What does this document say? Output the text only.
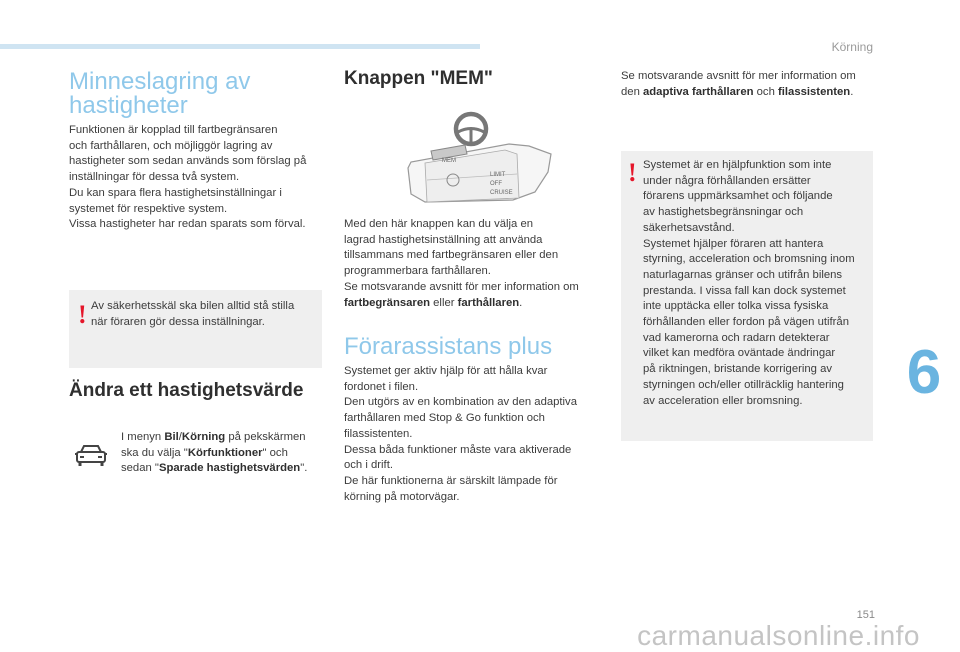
Körning
Minneslagring av
hastigheter

Funktionen är kopplad till fartbegränsaren
och farthållaren, och möjliggör lagring av
hastigheter som sedan används som förslag på
inställningar för dessa två system.
Du kan spara flera hastighetsinställningar i
systemet för respektive system.
Vissa hastigheter har redan sparats som förval.

! Av säkerhetsskäl ska bilen alltid stå stilla
när föraren gör dessa inställningar.

Ändra ett hastighetsvärde

I menyn Bil/Körning på pekskärmen
ska du välja "Körfunktioner" och
sedan "Sparade hastighetsvärden".

Knappen "MEM"
MEM
LIMIT
OFF
CRUISE

Med den här knappen kan du välja en
lagrad hastighetsinställning att använda
tillsammans med fartbegränsaren eller den
programmerbara farthållaren.
Se motsvarande avsnitt för mer information om
fartbegränsaren eller farthållaren.

Förarassistans plus

Systemet ger aktiv hjälp för att hålla kvar
fordonet i filen.
Den utgörs av en kombination av den adaptiva
farthållaren med Stop & Go funktion och
filassistenten.
Dessa båda funktioner måste vara aktiverade
och i drift.
De här funktionerna är särskilt lämpade för
körning på motorvägar.

Se motsvarande avsnitt för mer information om
den adaptiva farthållaren och filassistenten.

! Systemet är en hjälpfunktion som inte
under några förhållanden ersätter
förarens uppmärksamhet och följande
av hastighetsbegränsningar och
säkerhetsavstånd.
Systemet hjälper föraren att hantera
styrning, acceleration och bromsning inom
naturlagarnas gränser och utifrån bilens
prestanda. I vissa fall kan dock systemet
inte upptäcka eller tolka vissa fysiska
förhållanden eller fordon på vägen utifrån
vad kamerorna och radarn detekterar
vilket kan medföra oväntade ändringar
på riktningen, bristande korrigering av
styrningen och/eller otillräcklig hantering
av acceleration eller bromsning.	6
151
carmanualsonline.info
